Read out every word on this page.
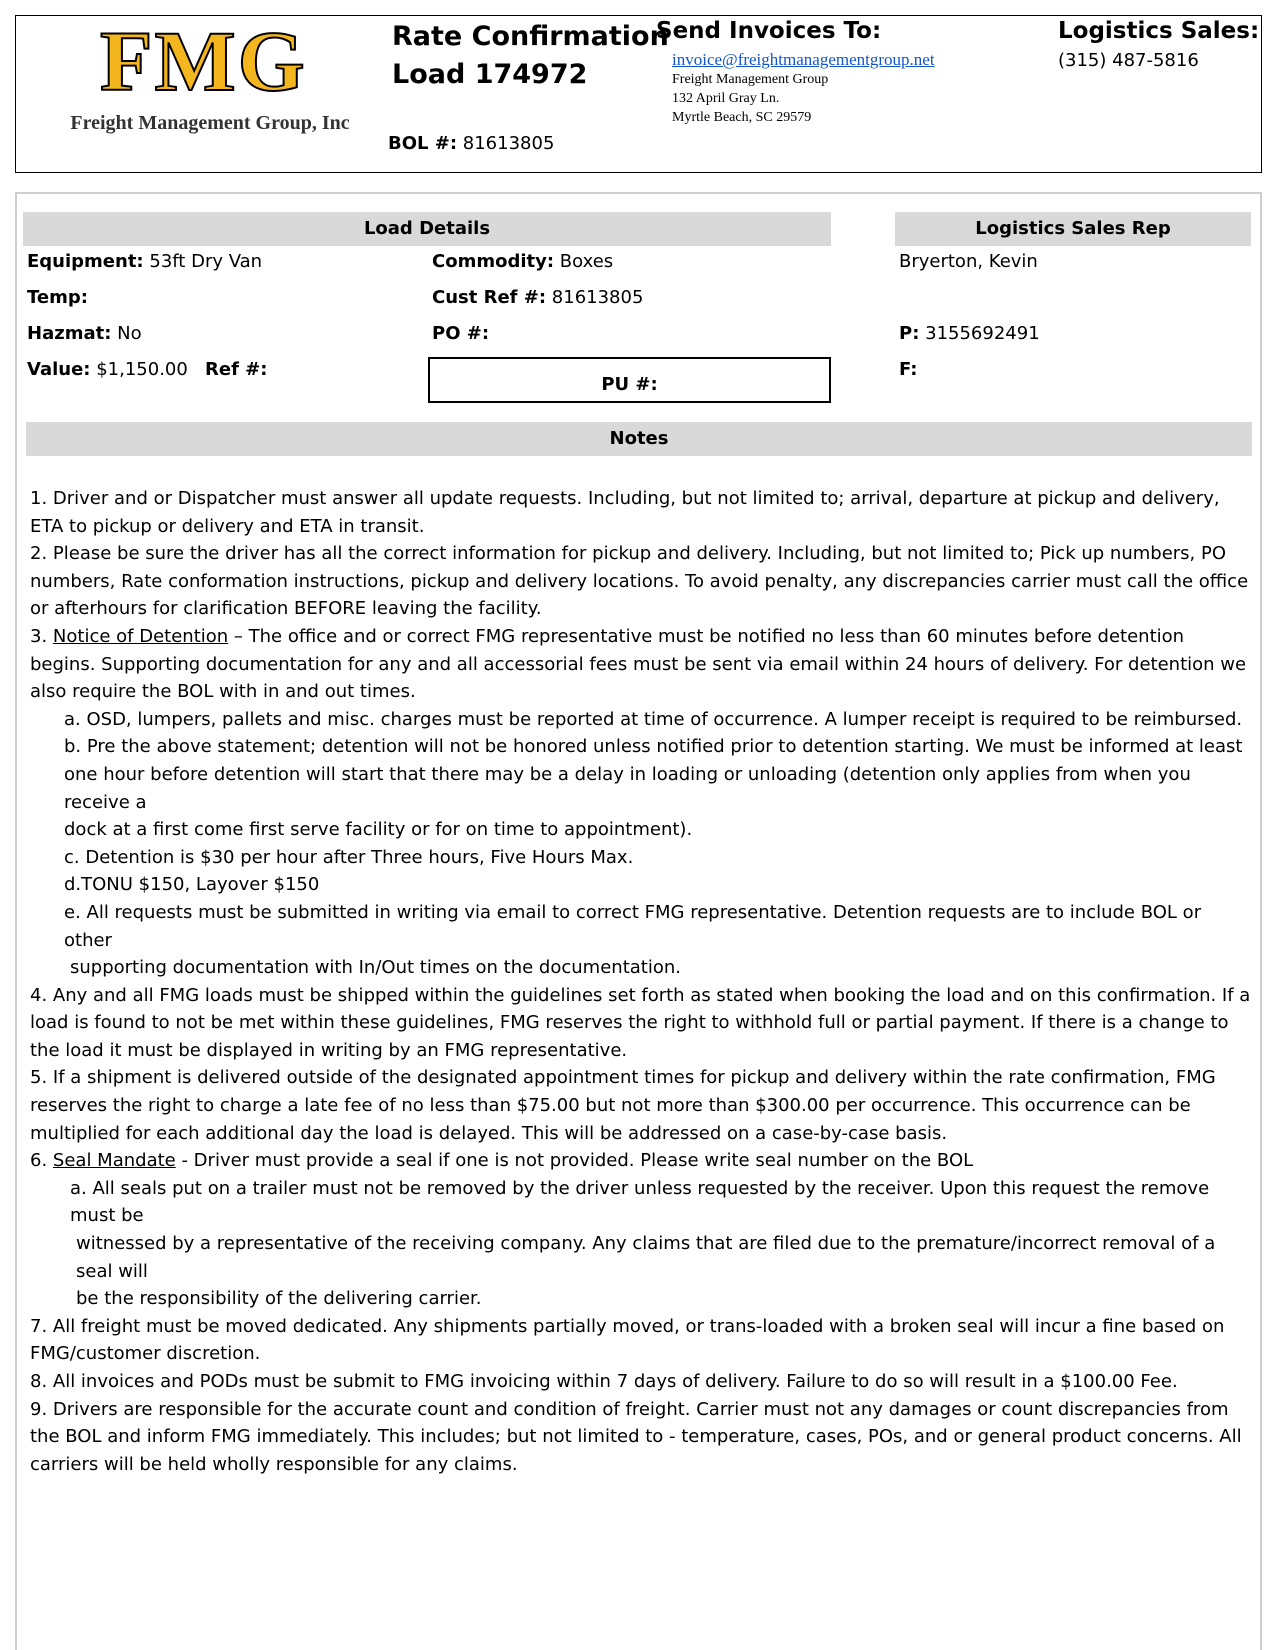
FMG
Freight Management Group, Inc
Rate Confirmation
Load 174972
BOL #: 81613805
Send Invoices To:
invoice@freightmanagementgroup.net
Freight Management Group
132 April Gray Ln.
Myrtle Beach, SC 29579
Logistics Sales:
(315) 487-5816
Load Details	Logistics Sales Rep
Equipment: 53ft Dry Van
Temp:
Hazmat: No
Value: $1,150.00 Ref #:
Commodity: Boxes
Cust Ref #: 81613805
PO #:
PU #:
Bryerton, Kevin
P: 3155692491
F:
Notes

1. Driver and or Dispatcher must answer all update requests. Including, but not limited to; arrival, departure at pickup and delivery, ETA to pickup or delivery and ETA in transit.

2. Please be sure the driver has all the correct information for pickup and delivery. Including, but not limited to; Pick up numbers, PO numbers, Rate conformation instructions, pickup and delivery locations. To avoid penalty, any discrepancies carrier must call the office or afterhours for clarification BEFORE leaving the facility.

3. Notice of Detention – The office and or correct FMG representative must be notified no less than 60 minutes before detention begins. Supporting documentation for any and all accessorial fees must be sent via email within 24 hours of delivery. For detention we also require the BOL with in and out times.

a. OSD, lumpers, pallets and misc. charges must be reported at time of occurrence. A lumper receipt is required to be reimbursed.

b. Pre the above statement; detention will not be honored unless notified prior to detention starting. We must be informed at least

one hour before detention will start that there may be a delay in loading or unloading (detention only applies from when you receive a

dock at a first come first serve facility or for on time to appointment).

c. Detention is $30 per hour after Three hours, Five Hours Max.

d.TONU $150, Layover $150

e. All requests must be submitted in writing via email to correct FMG representative. Detention requests are to include BOL or other

supporting documentation with In/Out times on the documentation.

4. Any and all FMG loads must be shipped within the guidelines set forth as stated when booking the load and on this confirmation. If a load is found to not be met within these guidelines, FMG reserves the right to withhold full or partial payment. If there is a change to the load it must be displayed in writing by an FMG representative.

5. If a shipment is delivered outside of the designated appointment times for pickup and delivery within the rate confirmation, FMG reserves the right to charge a late fee of no less than $75.00 but not more than $300.00 per occurrence. This occurrence can be multiplied for each additional day the load is delayed. This will be addressed on a case-by-case basis.

6. Seal Mandate - Driver must provide a seal if one is not provided. Please write seal number on the BOL

a. All seals put on a trailer must not be removed by the driver unless requested by the receiver. Upon this request the remove must be

witnessed by a representative of the receiving company. Any claims that are filed due to the premature/incorrect removal of a seal will

be the responsibility of the delivering carrier.

7. All freight must be moved dedicated. Any shipments partially moved, or trans-loaded with a broken seal will incur a fine based on FMG/customer discretion.

8. All invoices and PODs must be submit to FMG invoicing within 7 days of delivery. Failure to do so will result in a $100.00 Fee.

9. Drivers are responsible for the accurate count and condition of freight. Carrier must not any damages or count discrepancies from the BOL and inform FMG immediately. This includes; but not limited to - temperature, cases, POs, and or general product concerns. All carriers will be held wholly responsible for any claims.
